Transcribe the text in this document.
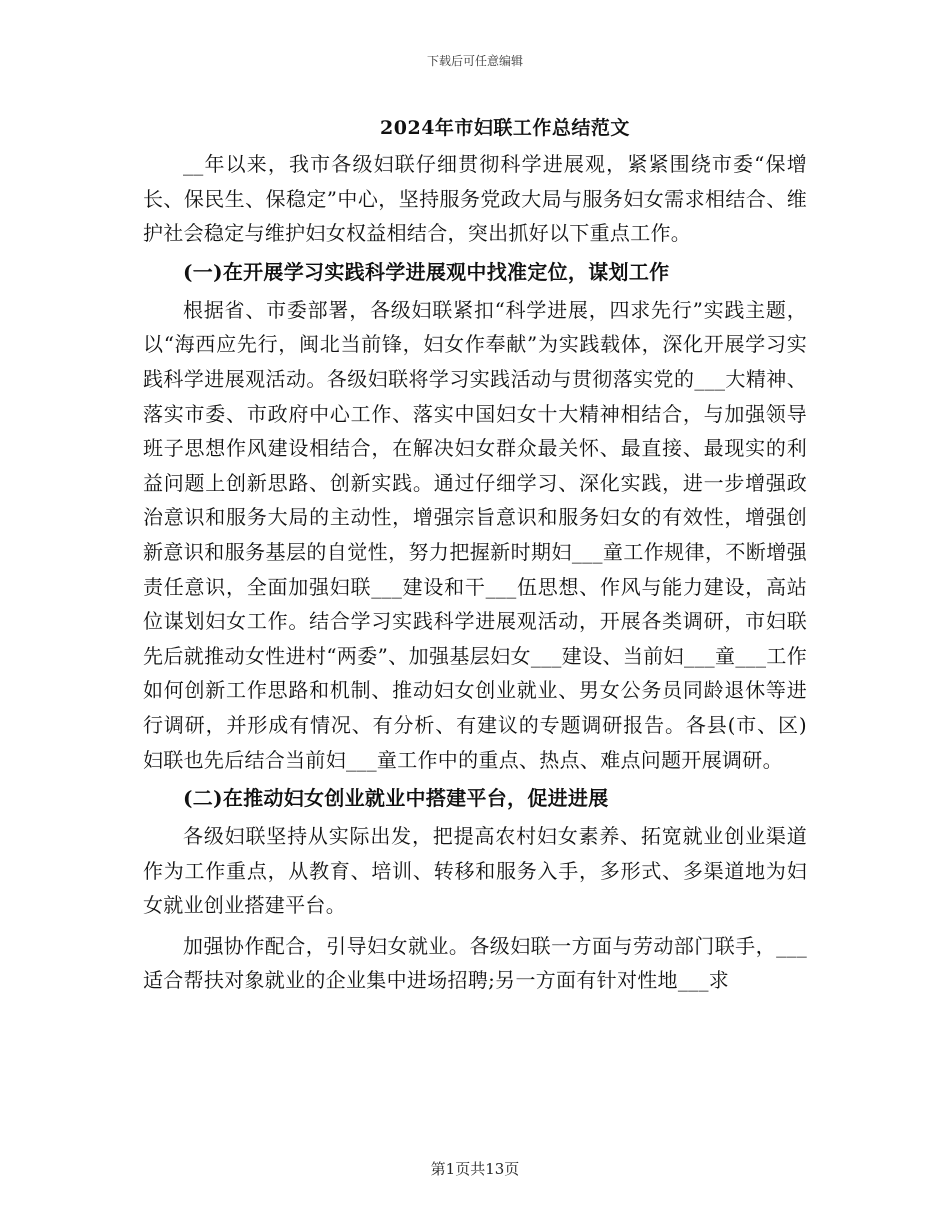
下载后可任意编辑
2024年市妇联工作总结范文

__年以来，我市各级妇联仔细贯彻科学进展观，紧紧围绕市委“保增长、保民生、保稳定”中心，坚持服务党政大局与服务妇女需求相结合、维护社会稳定与维护妇女权益相结合，突出抓好以下重点工作。

(一)在开展学习实践科学进展观中找准定位，谋划工作

根据省、市委部署，各级妇联紧扣“科学进展，四求先行”实践主题，以“海西应先行，闽北当前锋，妇女作奉献”为实践载体，深化开展学习实践科学进展观活动。各级妇联将学习实践活动与贯彻落实党的___大精神、落实市委、市政府中心工作、落实中国妇女十大精神相结合，与加强领导班子思想作风建设相结合，在解决妇女群众最关怀、最直接、最现实的利益问题上创新思路、创新实践。通过仔细学习、深化实践，进一步增强政治意识和服务大局的主动性，增强宗旨意识和服务妇女的有效性，增强创新意识和服务基层的自觉性，努力把握新时期妇___童工作规律，不断增强责任意识，全面加强妇联___建设和干___伍思想、作风与能力建设，高站位谋划妇女工作。结合学习实践科学进展观活动，开展各类调研，市妇联先后就推动女性进村“两委”、加强基层妇女___建设、当前妇___童___工作如何创新工作思路和机制、推动妇女创业就业、男女公务员同龄退休等进行调研，并形成有情况、有分析、有建议的专题调研报告。各县(市、区)妇联也先后结合当前妇___童工作中的重点、热点、难点问题开展调研。

(二)在推动妇女创业就业中搭建平台，促进进展

各级妇联坚持从实际出发，把提高农村妇女素养、拓宽就业创业渠道作为工作重点，从教育、培训、转移和服务入手，多形式、多渠道地为妇女就业创业搭建平台。

加强协作配合，引导妇女就业。各级妇联一方面与劳动部门联手，___适合帮扶对象就业的企业集中进场招聘;另一方面有针对性地___求

第1页共13页
